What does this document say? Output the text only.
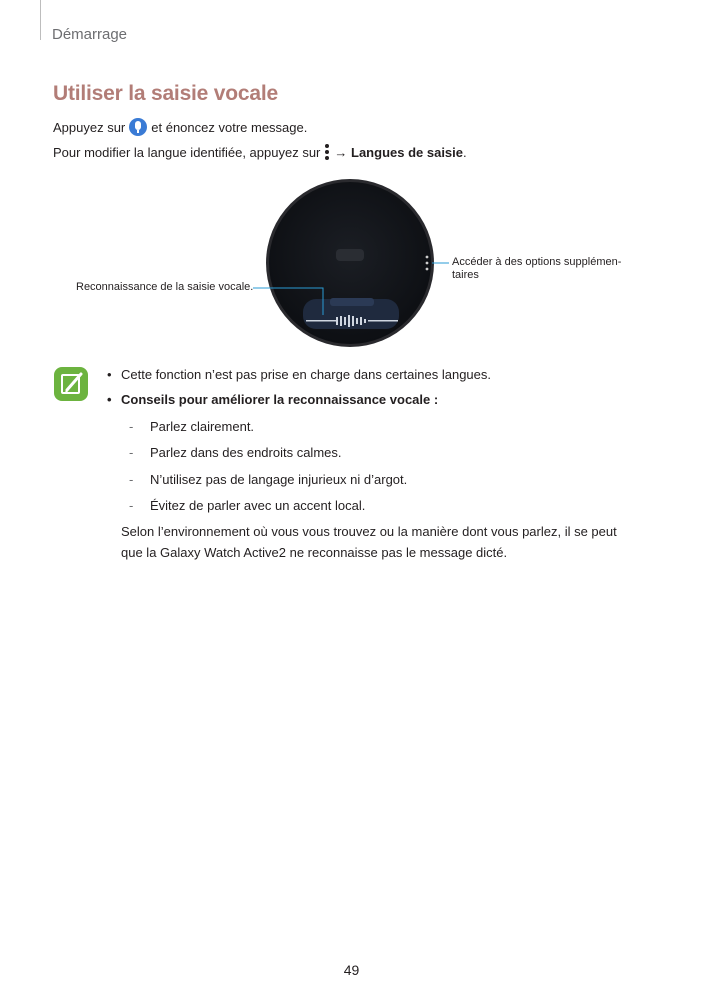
Démarrage
Utiliser la saisie vocale
Appuyez sur et énoncez votre message.
Pour modifier la langue identifiée, appuyez sur → Langues de saisie.
Reconnaissance de la saisie vocale.
Accéder à des options supplémen-
taires
• Cette fonction n’est pas prise en charge dans certaines langues.
• Conseils pour améliorer la reconnaissance vocale :
- Parlez clairement.
- Parlez dans des endroits calmes.
- N’utilisez pas de langage injurieux ni d’argot.
- Évitez de parler avec un accent local.
Selon l’environnement où vous vous trouvez ou la manière dont vous parlez, il se peut que la Galaxy Watch Active2 ne reconnaisse pas le message dicté.
49
